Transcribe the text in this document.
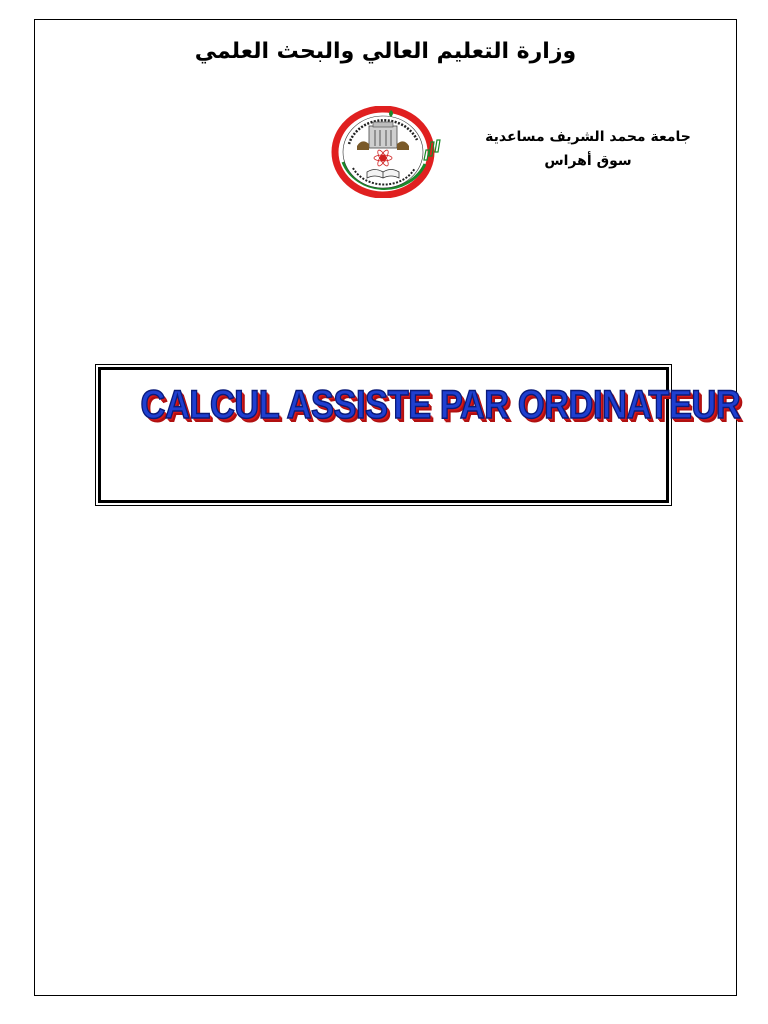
وزارة التعليم العالي والبحث العلمي
جامعة محمد الشريف مساعدية
سوق أهراس
CALCUL ASSISTE PAR ORDINATEUR
